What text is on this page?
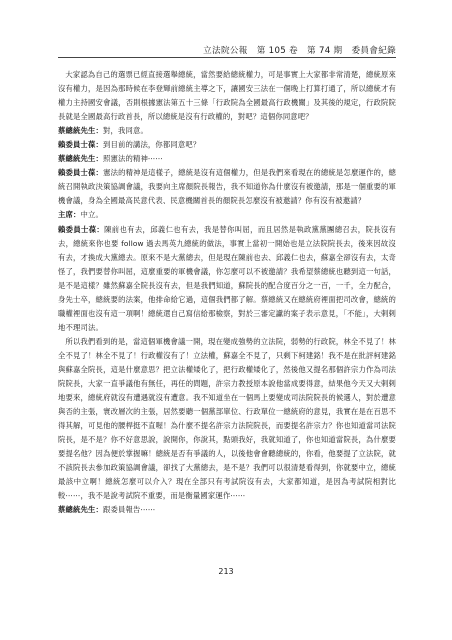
立法院公報 第 105 卷 第 74 期 委員會紀錄

大家認為自己的選票已經直接選舉總統，當然要給總統權力，可是事實上大家都非常清楚，總統原來沒有權力，是因為那時候在李登輝前總統主導之下，讓國安三法在一個晚上打算打通了，所以總統才有權力主持國安會議，否則根據憲法第五十三條「行政院為全國最高行政機關」及其後的規定，行政院院長就是全國最高行政首長，所以總統是沒有行政權的，對吧？這個你同意吧？

蔡總統先生：對，我同意。

賴委員士葆：到目前的講法，你都同意吧？

蔡總統先生：照憲法的精神⋯⋯

賴委員士葆：憲法的精神是這樣子，總統是沒有這個權力，但是我們來看現在的總統是怎麼運作的，總統召開執政決策協調會議，我要向主席顏院長報告，我不知道你為什麼沒有被邀請，那是一個重要的軍機會議，身為全國最高民意代表、民意機關首長的顏院長怎麼沒有被邀請？你有沒有被邀請？

主席：中立。

賴委員士葆：陳前也有去，邱義仁也有去，我是替你叫屈，而且居然是執政黨黨團總召去，院長沒有去，總統來你也要 follow 過去馬英九總統的做法，事實上當初一開始也是立法院院長去，後來因故沒有去，才換成大黨總去。原來不是大黨總去，但是現在陳前也去、邱義仁也去，蘇嘉全卻沒有去，太奇怪了，我們要替你叫屈，這麼重要的軍機會議，你怎麼可以不被邀請？我希望蔡總統也聽到這一句話，是不是這樣？雖然蘇嘉全院長沒有去，但是我們知道，蘇院長的配合度百分之一百，一千，全力配合，身先士卒，總統要的法案，他排命給它過，這個我們都了解。蔡總統又在總統府裡面把司改會，總統的職權裡面也沒有這一項啊！總統還自己寫信給那檢察，對於三審定讞的案子表示意見，「不能」，大剌剌地不理司法。

所以我們看到的是，當這個軍機會議一開，現在變成強勢的立法院，弱勢的行政院，林全不見了！林全不見了！林全不見了！行政權沒有了！立法權，蘇嘉全不見了，只剩下柯建銘！我不是在批評柯建銘與蘇嘉全院長，這是什麼意思？把立法權矮化了，把行政權矮化了，然後他又提名那個許宗力作為司法院院長，大家一直爭議他有無任，再任的問題，許宗力教授原本說他當成要得意，結果他今天又大剌剌地要來，總統府就沒有遭遇就沒有遭意。我不知道坐在一個馬上要變成司法院院長的候選人，對於遭意與否的主張，寰改層次的主張，居然要聽一個黨部單位、行政單位一總統府的意見，我實在是在百思不得其解，可見他的腰桿挺不直喔！為什麼不提名許宗力法院院長，而要提名許宗力？你也知道當司法院院長，是不是？你不好意思說，說開你，你說其，點頭我好，我就知道了，你也知道當院長，為什麼要要提名他？因為便於掌握嘛！總統是否有爭議的人，以後他會會聽總統的，你看，他要提了立法院，就不該院長去參加政策協調會議，卻找了大黨總去，是不是？我們可以很清楚看得到，你就要中立，總統最該中立啊！總統怎麼可以介入？現在全部只有考試院沒有去，大家都知道，是因為考試院相對比較⋯⋯，我不是說考試院不重要，而是衡量國家運作⋯⋯

蔡總統先生：跟委員報告⋯⋯

213
